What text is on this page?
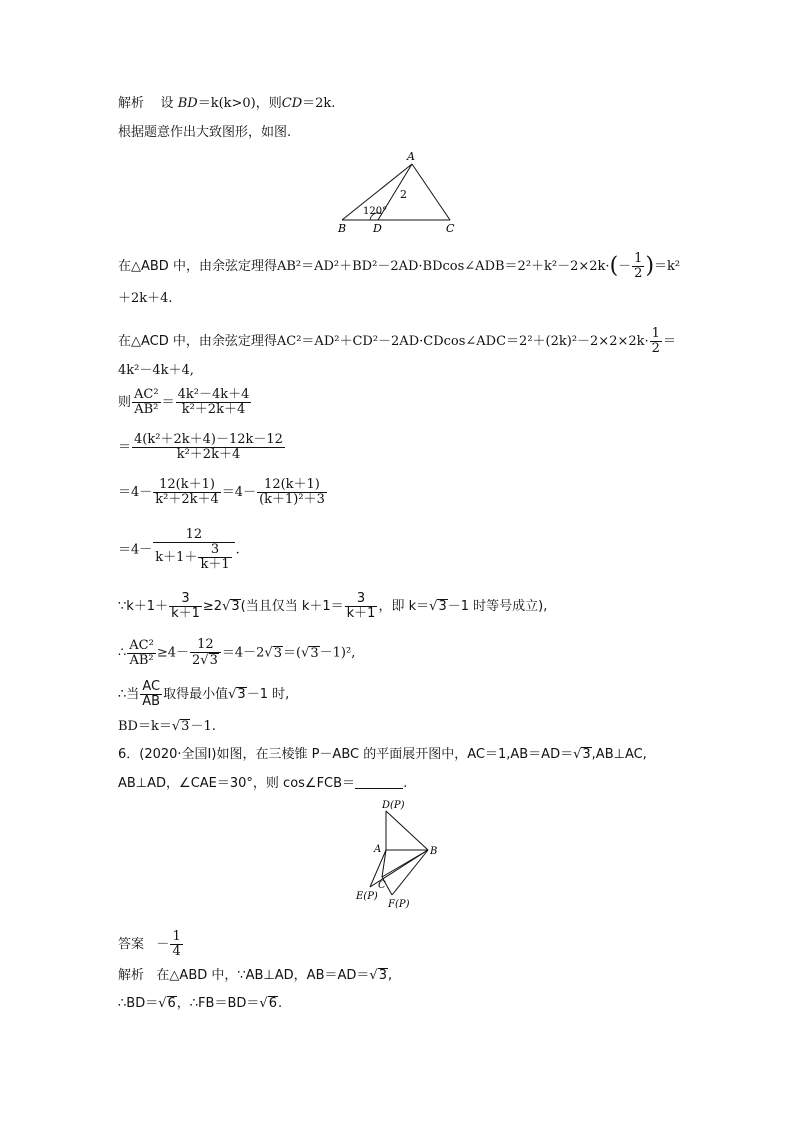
解析 设 BD＝k(k>0)，则CD＝2k.
根据题意作出大致图形，如图.
A
B D	C
2
120°
在△ABD 中，由余弦定理得AB²＝AD²＋BD²－2AD·BDcos∠ADB＝2²＋k²－2×2k·(－ $\frac{1}{2} )=k^2$
＋2k＋4.
在△ACD 中，由余弦定理得AC²＝AD²＋CD²－2AD·CDcos∠ADC＝2²＋(2k)²－2×2×2k· $\frac{1}{2}$ ＝
4k²－4k＋4,
则 $\frac{\text{AC²}}{\text{AB²}} = \frac{\text{4k²－4k＋4}}{\text{k²＋2k＋4}}$
＝ $\frac{\text{4(k²＋2k＋4)－12k－12}}{\text{k²＋2k＋4}}$
$=4- \frac{12(k+1)}{\text{k²＋2k＋4}} =4- \frac{12(k+1)}{\text{(k＋1)²＋3}}$
$=4- \frac{12}{k+1+ \frac{3}{k+1}}$ .
∵k＋1＋ $\frac{3}{k+1} \ge 2√3$(当且仅当 $k+1= \frac{3}{k+1}$ ，即 k＝√3－1 时等号成立),
∴ $\frac{\text{AC²}}{\text{AB²}} \ge 4- \frac{12}{2√3} =4-2√3=(√3-1)^2$,
∴当 $\frac{AC}{AB}$ 取得最小值√3－1 时,
BD＝k＝√3－1.
6．(2020·全国Ⅰ)如图，在三棱锥 P－ABC 的平面展开图中，AC＝1,AB＝AD＝√3,AB⊥AC,
AB⊥AD，∠CAE＝30°，则 cos∠FCB＝	.
D(P)
A	B
C
E(P)
F(P)
答案 － $\frac{1}{4}$
解析 在△ABD 中，∵AB⊥AD，AB＝AD＝√3,
∴BD＝√6，∴FB＝BD＝√6.
